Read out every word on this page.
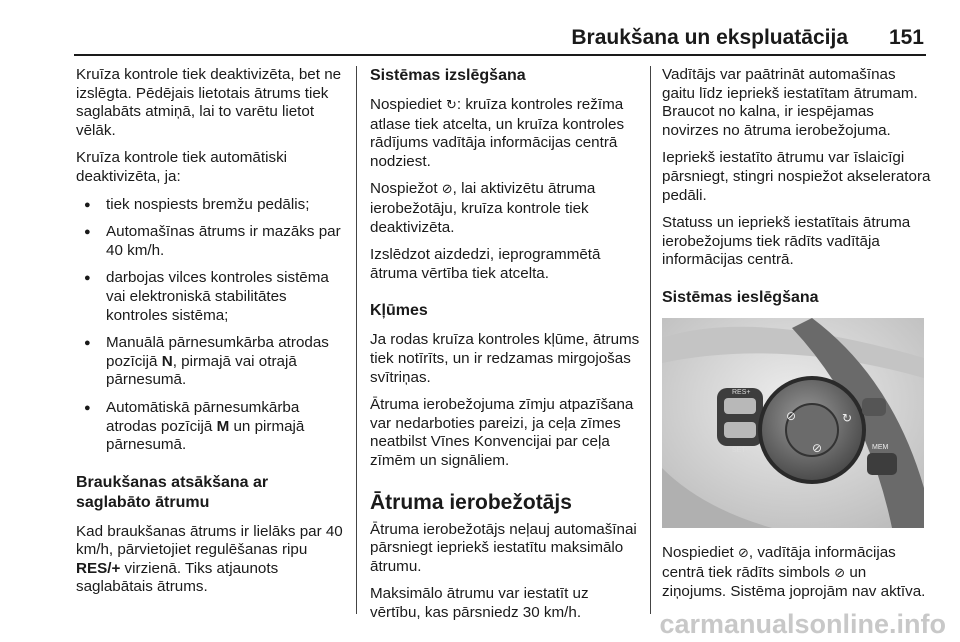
Braukšana un ekspluatācija 151

Kruīza kontrole tiek deaktivizēta, bet ne izslēgta. Pēdējais lietotais ātrums tiek saglabāts atmiņā, lai to varētu lietot vēlāk.

Kruīza kontrole tiek automātiski deaktivizēta, ja:

● tiek nospiests bremžu pedālis;
● Automašīnas ātrums ir mazāks par 40 km/h.
● darbojas vilces kontroles sistēma vai elektroniskā stabilitātes kontroles sistēma;
● Manuālā pārnesumkārba atrodas pozīcijā N, pirmajā vai otrajā pārnesumā.
● Automātiskā pārnesumkārba atrodas pozīcijā M un pirmajā pārnesumā.
Braukšanas atsākšana ar saglabāto ātrumu

Kad braukšanas ātrums ir lielāks par 40 km/h, pārvietojiet regulēšanas ripu RES/+ virzienā. Tiks atjaunots saglabātais ātrums.

Sistēmas izslēgšana

Nospiediet ↻: kruīza kontroles režīma atlase tiek atcelta, un kruīza kontroles rādījums vadītāja informācijas centrā nodziest.

Nospiežot ⊘, lai aktivizētu ātruma ierobežotāju, kruīza kontrole tiek deaktivizēta.

Izslēdzot aizdedzi, ieprogrammētā ātruma vērtība tiek atcelta.

Kļūmes

Ja rodas kruīza kontroles kļūme, ātrums tiek notīrīts, un ir redzamas mirgojošas svītriņas.

Ātruma ierobežojuma zīmju atpazīšana var nedarboties pareizi, ja ceļa zīmes neatbilst Vīnes Konvencijai par ceļa zīmēm un signāliem.

Ātruma ierobežotājs

Ātruma ierobežotājs neļauj automašīnai pārsniegt iepriekš iestatītu maksimālo ātrumu.

Maksimālo ātrumu var iestatīt uz vērtību, kas pārsniedz 30 km/h.

Vadītājs var paātrināt automašīnas gaitu līdz iepriekš iestatītam ātrumam. Braucot no kalna, ir iespējamas novirzes no ātruma ierobežojuma.

Iepriekš iestatīto ātrumu var īslaicīgi pārsniegt, stingri nospiežot akseleratora pedāli.

Statuss un iepriekš iestatītais ātruma ierobežojums tiek rādīts vadītāja informācijas centrā.

Sistēmas ieslēgšana
RES+
SET-
⊘	↻
⊘	MEM

Nospiediet ⊘, vadītāja informācijas centrā tiek rādīts simbols ⊘ un ziņojums. Sistēma joprojām nav aktīva.

carmanualsonline.info
